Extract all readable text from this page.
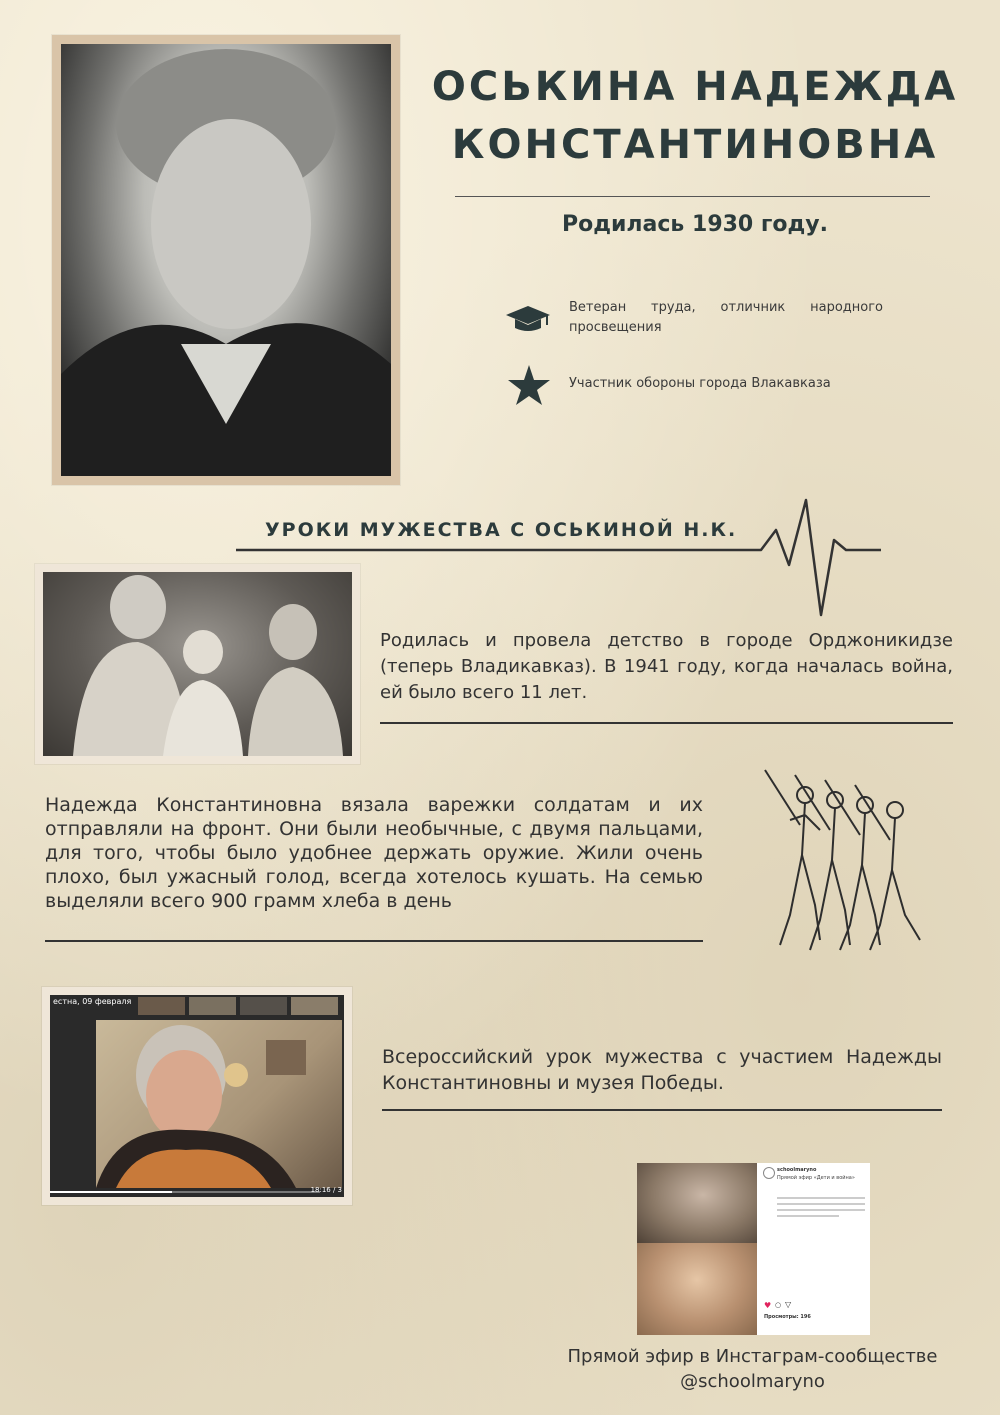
ОСЬКИНА НАДЕЖДА
КОНСТАНТИНОВНА
Родилась 1930 году.
Ветеран труда, отличник народного просвещения
Участник обороны города Влакавказа
УРОКИ МУЖЕСТВА С ОСЬКИНОЙ Н.К.
Родилась и провела детство в городе Орджоникидзе (теперь Владикавказ). В 1941 году, когда началась война, ей было всего 11 лет.
Надежда Константиновна вязала варежки солдатам и их отправляли на фронт. Они были необычные, с двумя пальцами, для того, чтобы было удобнее держать оружие. Жили очень плохо, был ужасный голод, всегда хотелось кушать. На семью выделяли всего 900 грамм хлеба в день
естна, 09 февраля
18:16 / 3
Всероссийский урок мужества с участием Надежды Константиновны и музея Победы.
schoolmaryno
Прямой эфир «Дети и война»
♥ ○ ▽
Просмотры: 196
Прямой эфир в Инстаграм-сообществе
@schoolmaryno
